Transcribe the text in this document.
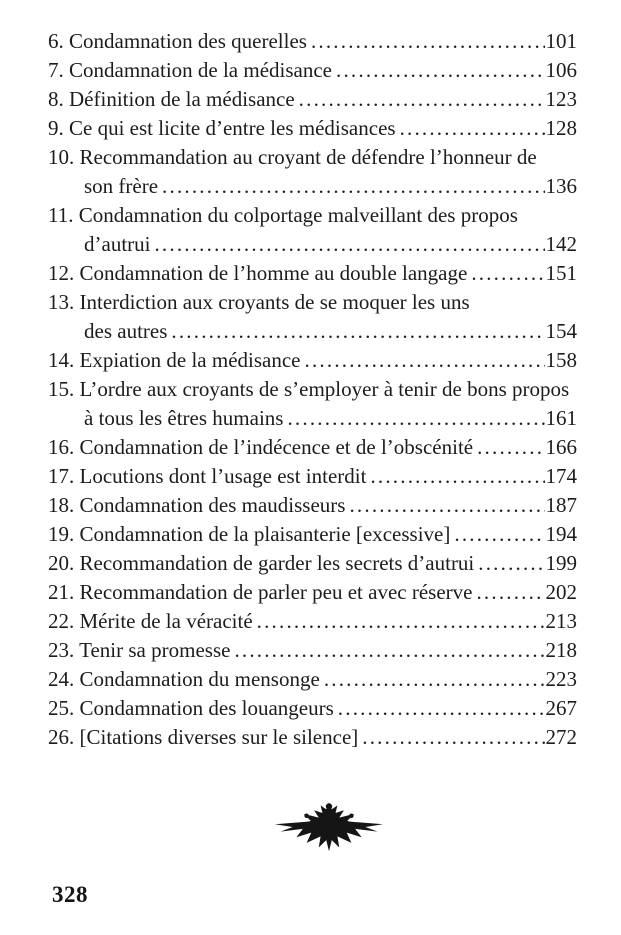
6. Condamnation des querelles .....	101
7. Condamnation de la médisance .....	106
8. Définition de la médisance .....	123
9. Ce qui est licite d’entre les médisances .....	128
10. Recommandation au croyant de défendre l’honneur de
son frère .....	136
11. Condamnation du colportage malveillant des propos
d’autrui .....	142
12. Condamnation de l’homme au double langage .....	151
13. Interdiction aux croyants de se moquer les uns
des autres .....	154
14. Expiation de la médisance .....	158
15. L’ordre aux croyants de s’employer à tenir de bons propos
à tous les êtres humains .....	161
16. Condamnation de l’indécence et de l’obscénité .....	166
17. Locutions dont l’usage est interdit .....	174
18. Condamnation des maudisseurs .....	187
19. Condamnation de la plaisanterie [excessive] .....	194
20. Recommandation de garder les secrets d’autrui .....	199
21. Recommandation de parler peu et avec réserve .....	202
22. Mérite de la véracité .....	213
23. Tenir sa promesse .....	218
24. Condamnation du mensonge .....	223
25. Condamnation des louangeurs .....	267
26. [Citations diverses sur le silence] .....	272
328
